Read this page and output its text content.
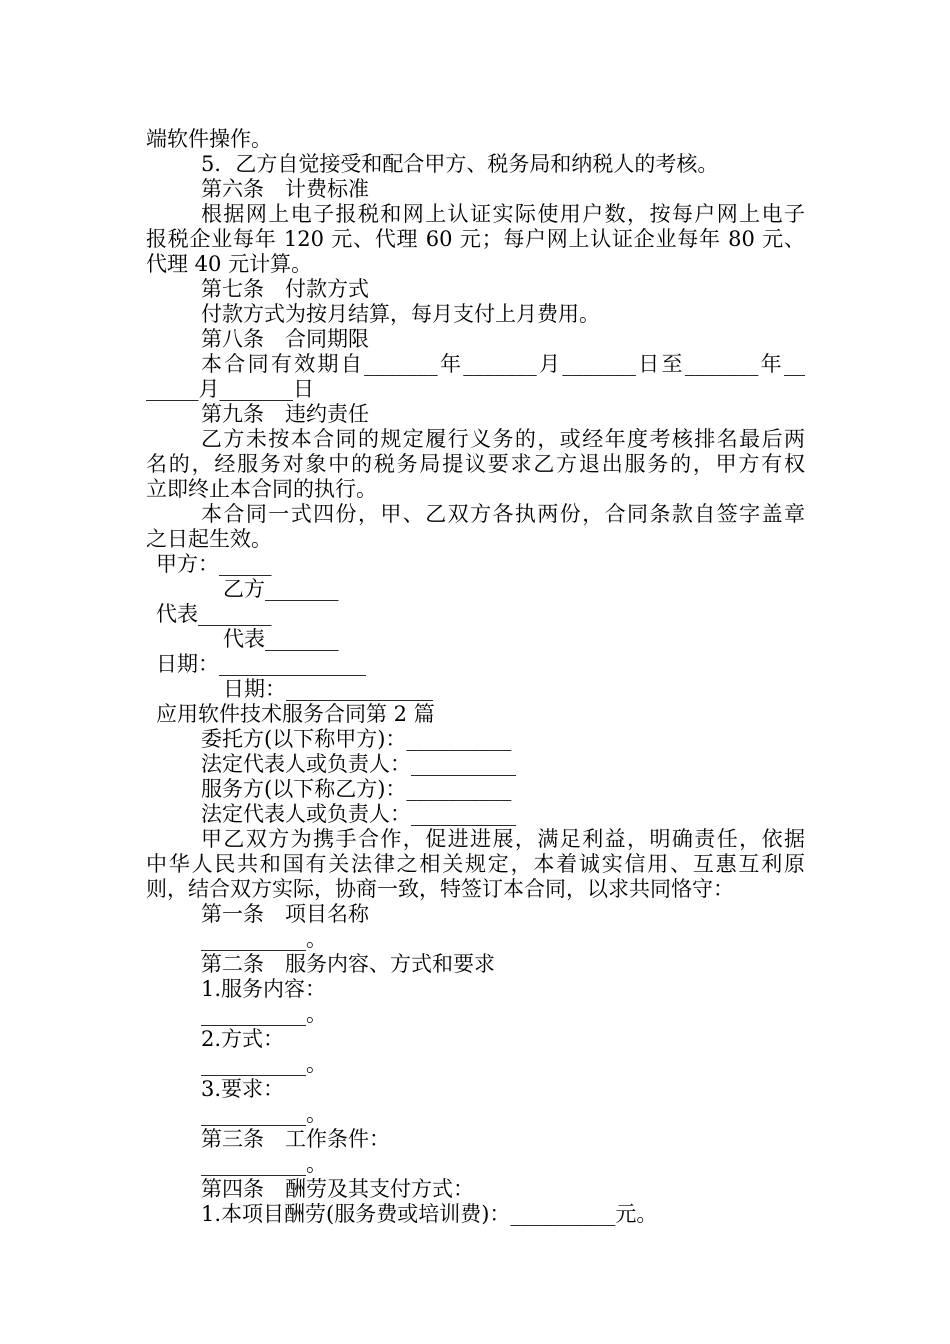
端软件操作。
5．乙方自觉接受和配合甲方、税务局和纳税人的考核。
第六条　计费标准
根据网上电子报税和网上认证实际使用户数，按每户网上电子
报税企业每年 120 元、代理 60 元；每户网上认证企业每年 80 元、
代理 40 元计算。
第七条　付款方式
付款方式为按月结算，每月支付上月费用。
第八条　合同期限
本合同有效期自_______年_______月_______日至_______年__
_____月_______日
第九条　违约责任
乙方未按本合同的规定履行义务的，或经年度考核排名最后两
名的，经服务对象中的税务局提议要求乙方退出服务的，甲方有权
立即终止本合同的执行。
本合同一式四份，甲、乙双方各执两份，合同条款自签字盖章
之日起生效。
甲方：_____
乙方_______
代表_______
代表_______
日期：______________
日期：______________
应用软件技术服务合同第 2 篇
委托方(以下称甲方)：__________
法定代表人或负责人：__________
服务方(以下称乙方)：__________
法定代表人或负责人：__________
甲乙双方为携手合作，促进进展，满足利益，明确责任，依据
中华人民共和国有关法律之相关规定，本着诚实信用、互惠互利原
则，结合双方实际，协商一致，特签订本合同，以求共同恪守：
第一条　项目名称
__________。
第二条　服务内容、方式和要求
1.服务内容：
__________。
2.方式：
__________。
3.要求：
__________。
第三条　工作条件：
__________。
第四条　酬劳及其支付方式：
1.本项目酬劳(服务费或培训费)：__________元。
